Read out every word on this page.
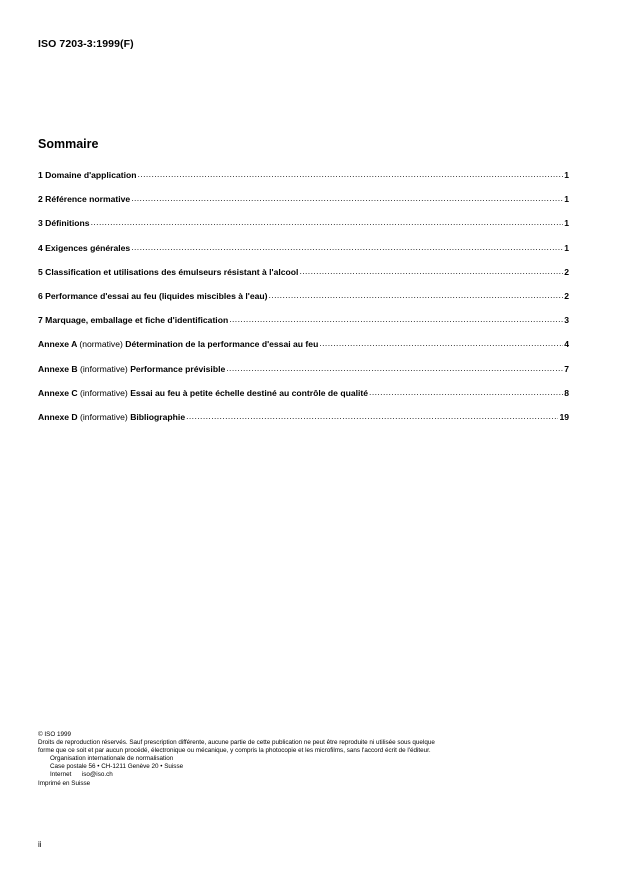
ISO 7203-3:1999(F)
Sommaire
1 Domaine d'application .....	1
2 Référence normative .....	1
3 Définitions .....	1
4 Exigences générales .....	1
5 Classification et utilisations des émulseurs résistant à l'alcool .....	2
6 Performance d'essai au feu (liquides miscibles à l'eau) .....	2
7 Marquage, emballage et fiche d'identification .....	3
Annexe A (normative) Détermination de la performance d'essai au feu .....	4
Annexe B (informative) Performance prévisible .....	7
Annexe C (informative) Essai au feu à petite échelle destiné au contrôle de qualité .....	8
Annexe D (informative) Bibliographie .....	19
© ISO 1999
Droits de reproduction réservés. Sauf prescription différente, aucune partie de cette publication ne peut être reproduite ni utilisée sous quelque
forme que ce soit et par aucun procédé, électronique ou mécanique, y compris la photocopie et les microfilms, sans l'accord écrit de l'éditeur.
Organisation internationale de normalisation
Case postale 56 • CH-1211 Genève 20 • Suisse
Internet      iso@iso.ch
Imprimé en Suisse
ii
